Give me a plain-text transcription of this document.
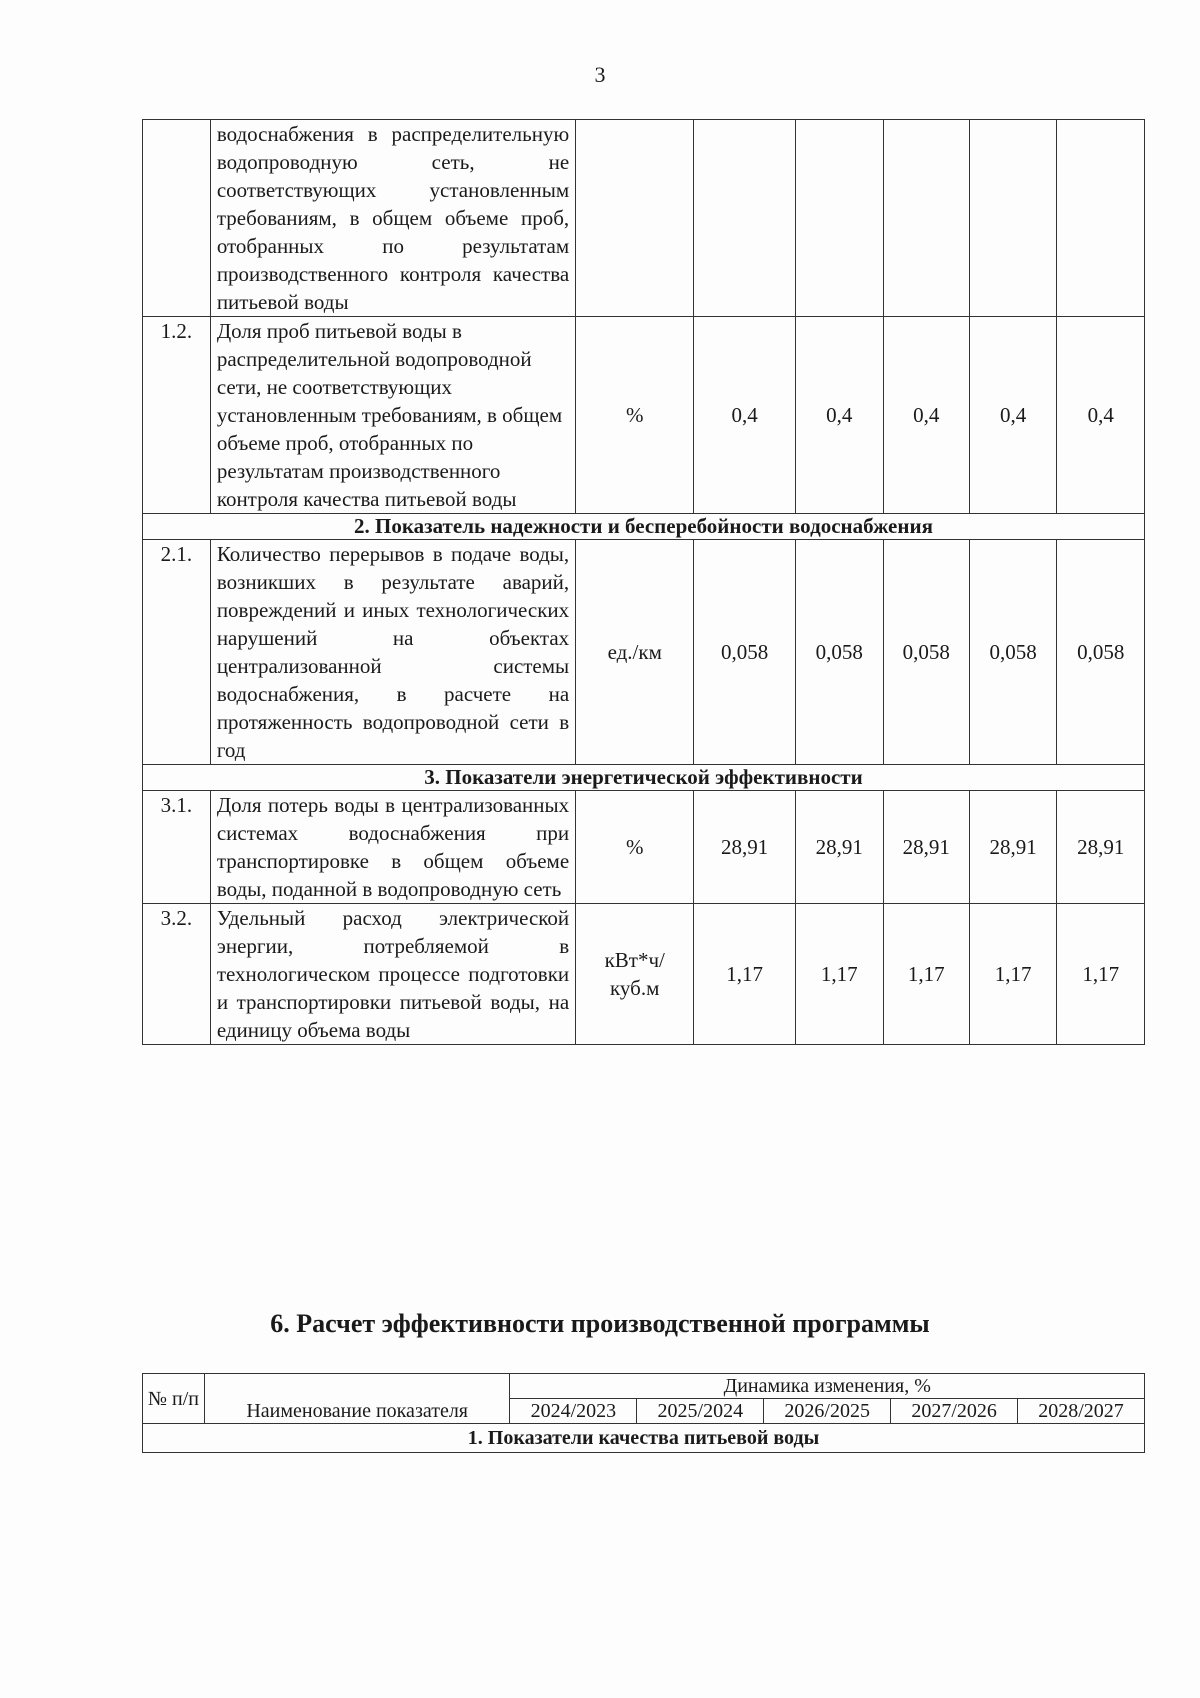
3
	водоснабжения в распределительную водопроводную сеть, не соответствующих установленным требованиям, в общем объеме проб, отобранных по результатам производственного контроля качества питьевой воды						
1.2.	Доля проб питьевой воды в распределительной водопроводной сети, не соответствующих установленным требованиям, в общем объеме проб, отобранных по результатам производственного контроля качества питьевой воды	%	0,4	0,4	0,4	0,4	0,4
2. Показатель надежности и бесперебойности водоснабжения							
2.1.	Количество перерывов в подаче воды, возникших в результате аварий, повреждений и иных технологических нарушений на объектах централизованной системы водоснабжения, в расчете на протяженность водопроводной сети в год	ед./км	0,058	0,058	0,058	0,058	0,058
3. Показатели энергетической эффективности							
3.1.	Доля потерь воды в централизованных системах водоснабжения при транспортировке в общем объеме воды, поданной в водопроводную сеть	%	28,91	28,91	28,91	28,91	28,91
3.2.	Удельный расход электрической энергии, потребляемой в технологическом процессе подготовки и транспортировки питьевой воды, на единицу объема воды	кВт*ч/ куб.м	1,17	1,17	1,17	1,17	1,17
6. Расчет эффективности производственной программы
№ п/п	Наименование показателя	Динамика изменения, %				
		2024/2023	2025/2024	2026/2025	2027/2026	2028/2027
1. Показатели качества питьевой воды						
